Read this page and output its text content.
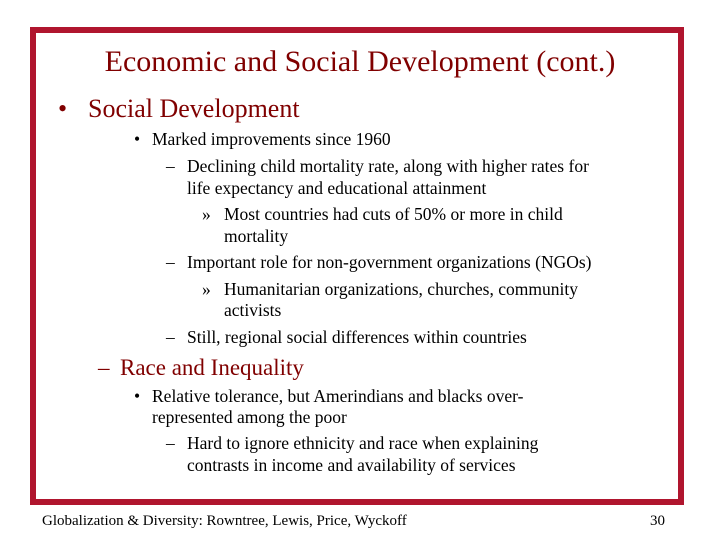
Economic and Social Development (cont.)
• Social Development
• Marked improvements since 1960
– Declining child mortality rate, along with higher rates for
life expectancy and educational attainment
» Most countries had cuts of 50% or more in child
mortality
– Important role for non-government organizations (NGOs)
» Humanitarian organizations, churches, community
activists
– Still, regional social differences within countries
– Race and Inequality
• Relative tolerance, but Amerindians and blacks over-
represented among the poor
– Hard to ignore ethnicity and race when explaining
contrasts in income and availability of services
Globalization & Diversity: Rowntree, Lewis, Price, Wyckoff	30
